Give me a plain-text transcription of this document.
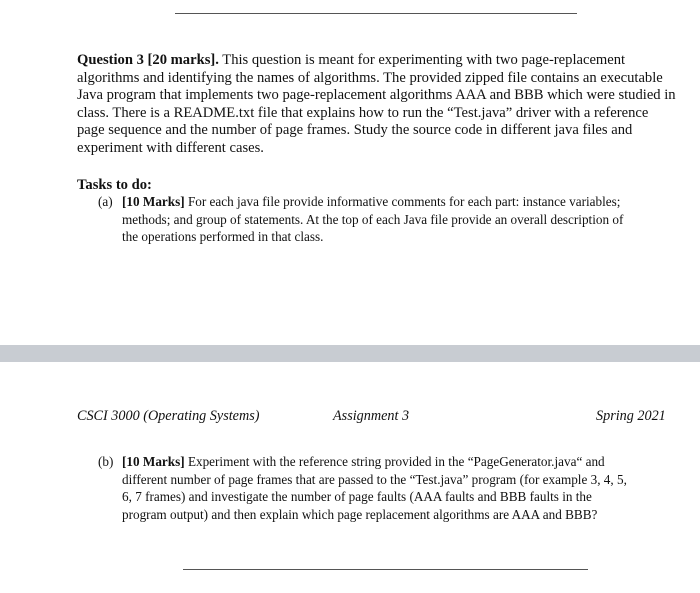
Question 3 [20 marks]. This question is meant for experimenting with two page-replacement algorithms and identifying the names of algorithms. The provided zipped file contains an executable Java program that implements two page-replacement algorithms AAA and BBB which were studied in class. There is a README.txt file that explains how to run the “Test.java” driver with a reference page sequence and the number of page frames. Study the source code in different java files and experiment with different cases.

Tasks to do:

(a) [10 Marks] For each java file provide informative comments for each part: instance variables;
methods; and group of statements. At the top of each Java file provide an overall description of
the operations performed in that class.

CSCI 3000 (Operating Systems)	Assignment 3	Spring 2021

(b) [10 Marks] Experiment with the reference string provided in the “PageGenerator.java“ and
different number of page frames that are passed to the “Test.java” program (for example 3, 4, 5,
6, 7 frames) and investigate the number of page faults (AAA faults and BBB faults in the
program output) and then explain which page replacement algorithms are AAA and BBB?
